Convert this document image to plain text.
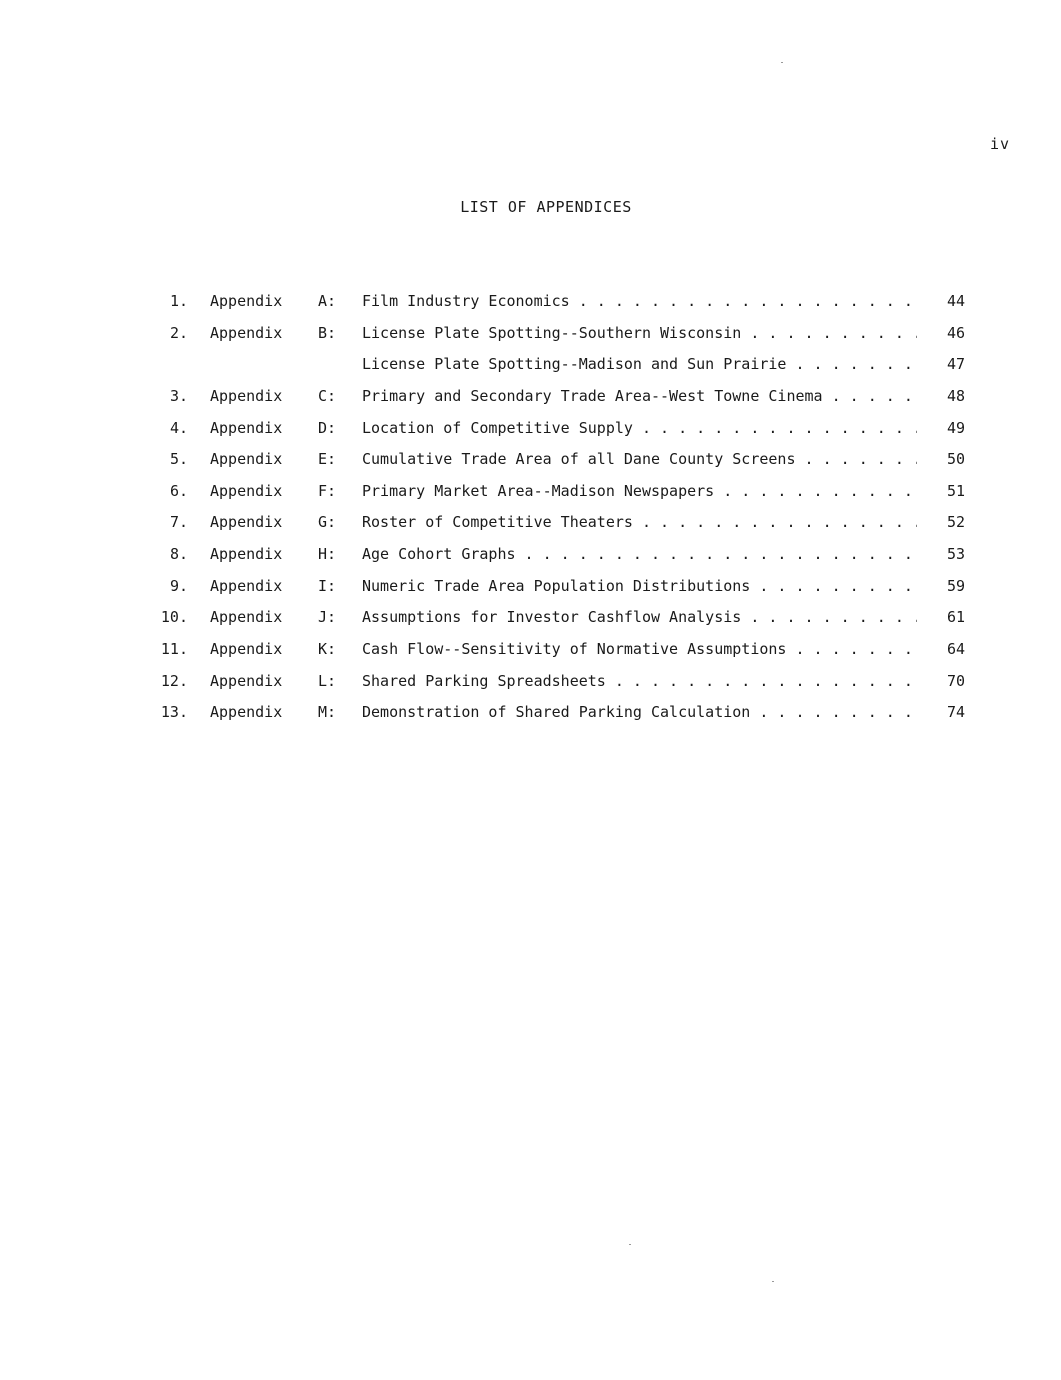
iv
LIST OF APPENDICES
1. Appendix A: Film Industry Economics . . .	44
2. Appendix B: License Plate Spotting--Southern Wisconsin . . .	46
License Plate Spotting--Madison and Sun Prairie . . .	47
3. Appendix C: Primary and Secondary Trade Area--West Towne Cinema . . .	48
4. Appendix D: Location of Competitive Supply . . .	49
5. Appendix E: Cumulative Trade Area of all Dane County Screens . . .	50
6. Appendix F: Primary Market Area--Madison Newspapers . . .	51
7. Appendix G: Roster of Competitive Theaters . . .	52
8. Appendix H: Age Cohort Graphs . . .	53
9. Appendix I: Numeric Trade Area Population Distributions . . .	59
10. Appendix J: Assumptions for Investor Cashflow Analysis . . .	61
11. Appendix K: Cash Flow--Sensitivity of Normative Assumptions . . .	64
12. Appendix L: Shared Parking Spreadsheets . . .	70
13. Appendix M: Demonstration of Shared Parking Calculation . . .	74
